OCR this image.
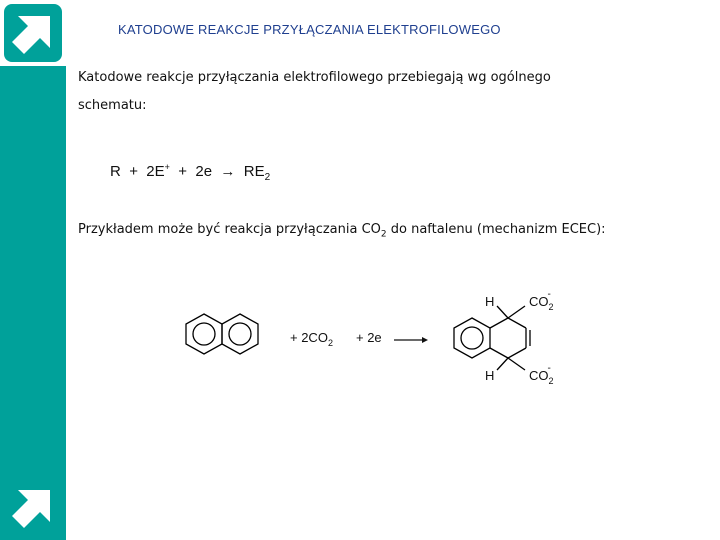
KATODOWE REAKCJE PRZYŁĄCZANIA ELEKTROFILOWEGO
Katodowe reakcje przyłączania elektrofilowego przebiegają wg ogólnego
schematu:
$R + 2E^+ + 2e \to RE_2$
Przykładem może być reakcja przyłączania $CO_2$ do naftalenu (mechanizm ECEC):
+ $2CO_2 + 2e$
H
H
$CO_2-$
$CO_2-$
